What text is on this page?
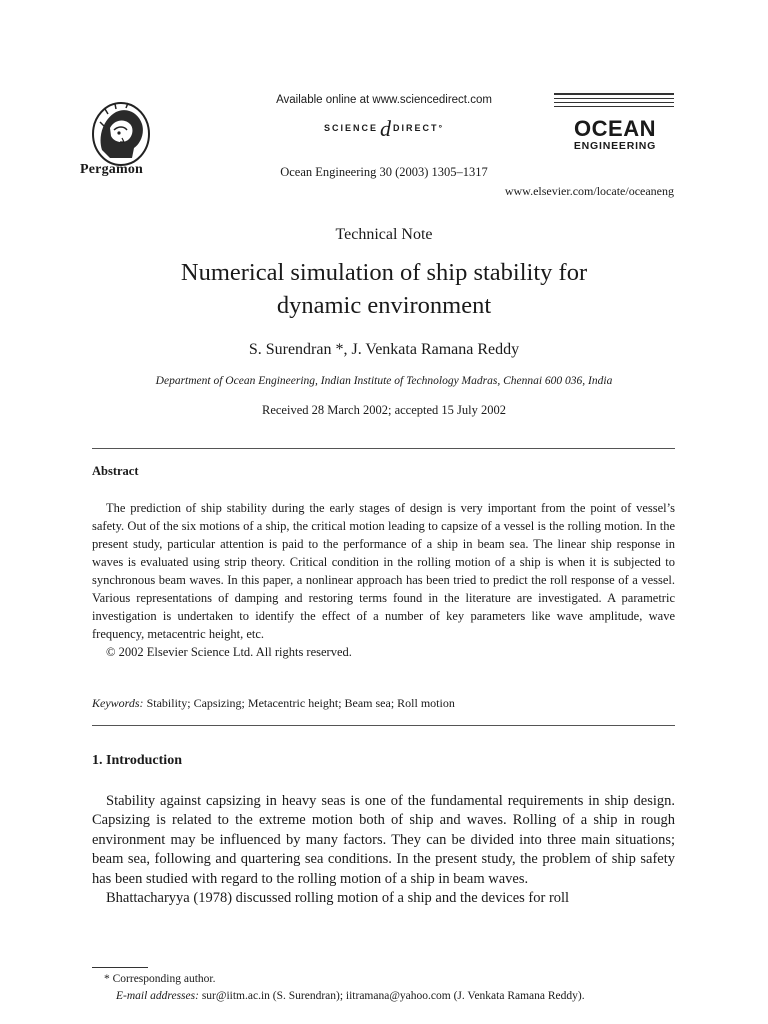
Pergamon
Available online at www.sciencedirect.com
SCIENCEd DIRECT°
Ocean Engineering 30 (2003) 1305–1317
OCEAN
ENGINEERING
www.elsevier.com/locate/oceaneng
Technical Note
Numerical simulation of ship stability for
dynamic environment
S. Surendran *, J. Venkata Ramana Reddy
Department of Ocean Engineering, Indian Institute of Technology Madras, Chennai 600 036, India
Received 28 March 2002; accepted 15 July 2002
Abstract

The prediction of ship stability during the early stages of design is very important from the point of vessel’s safety. Out of the six motions of a ship, the critical motion leading to capsize of a vessel is the rolling motion. In the present study, particular attention is paid to the performance of a ship in beam sea. The linear ship response in waves is evaluated using strip theory. Critical condition in the rolling motion of a ship is when it is subjected to synchronous beam waves. In this paper, a nonlinear approach has been tried to predict the roll response of a vessel. Various representations of damping and restoring terms found in the literature are investigated. A parametric investigation is undertaken to identify the effect of a number of key parameters like wave amplitude, wave frequency, metacentric height, etc.

© 2002 Elsevier Science Ltd. All rights reserved.

Keywords: Stability; Capsizing; Metacentric height; Beam sea; Roll motion
1. Introduction

Stability against capsizing in heavy seas is one of the fundamental requirements in ship design. Capsizing is related to the extreme motion both of ship and waves. Rolling of a ship in rough environment may be influenced by many factors. They can be divided into three main situations; beam sea, following and quartering sea conditions. In the present study, the problem of ship safety has been studied with regard to the rolling motion of a ship in beam waves.

Bhattacharyya (1978) discussed rolling motion of a ship and the devices for roll

* Corresponding author.
E-mail addresses: sur@iitm.ac.in (S. Surendran); iitramana@yahoo.com (J. Venkata Ramana Reddy).
